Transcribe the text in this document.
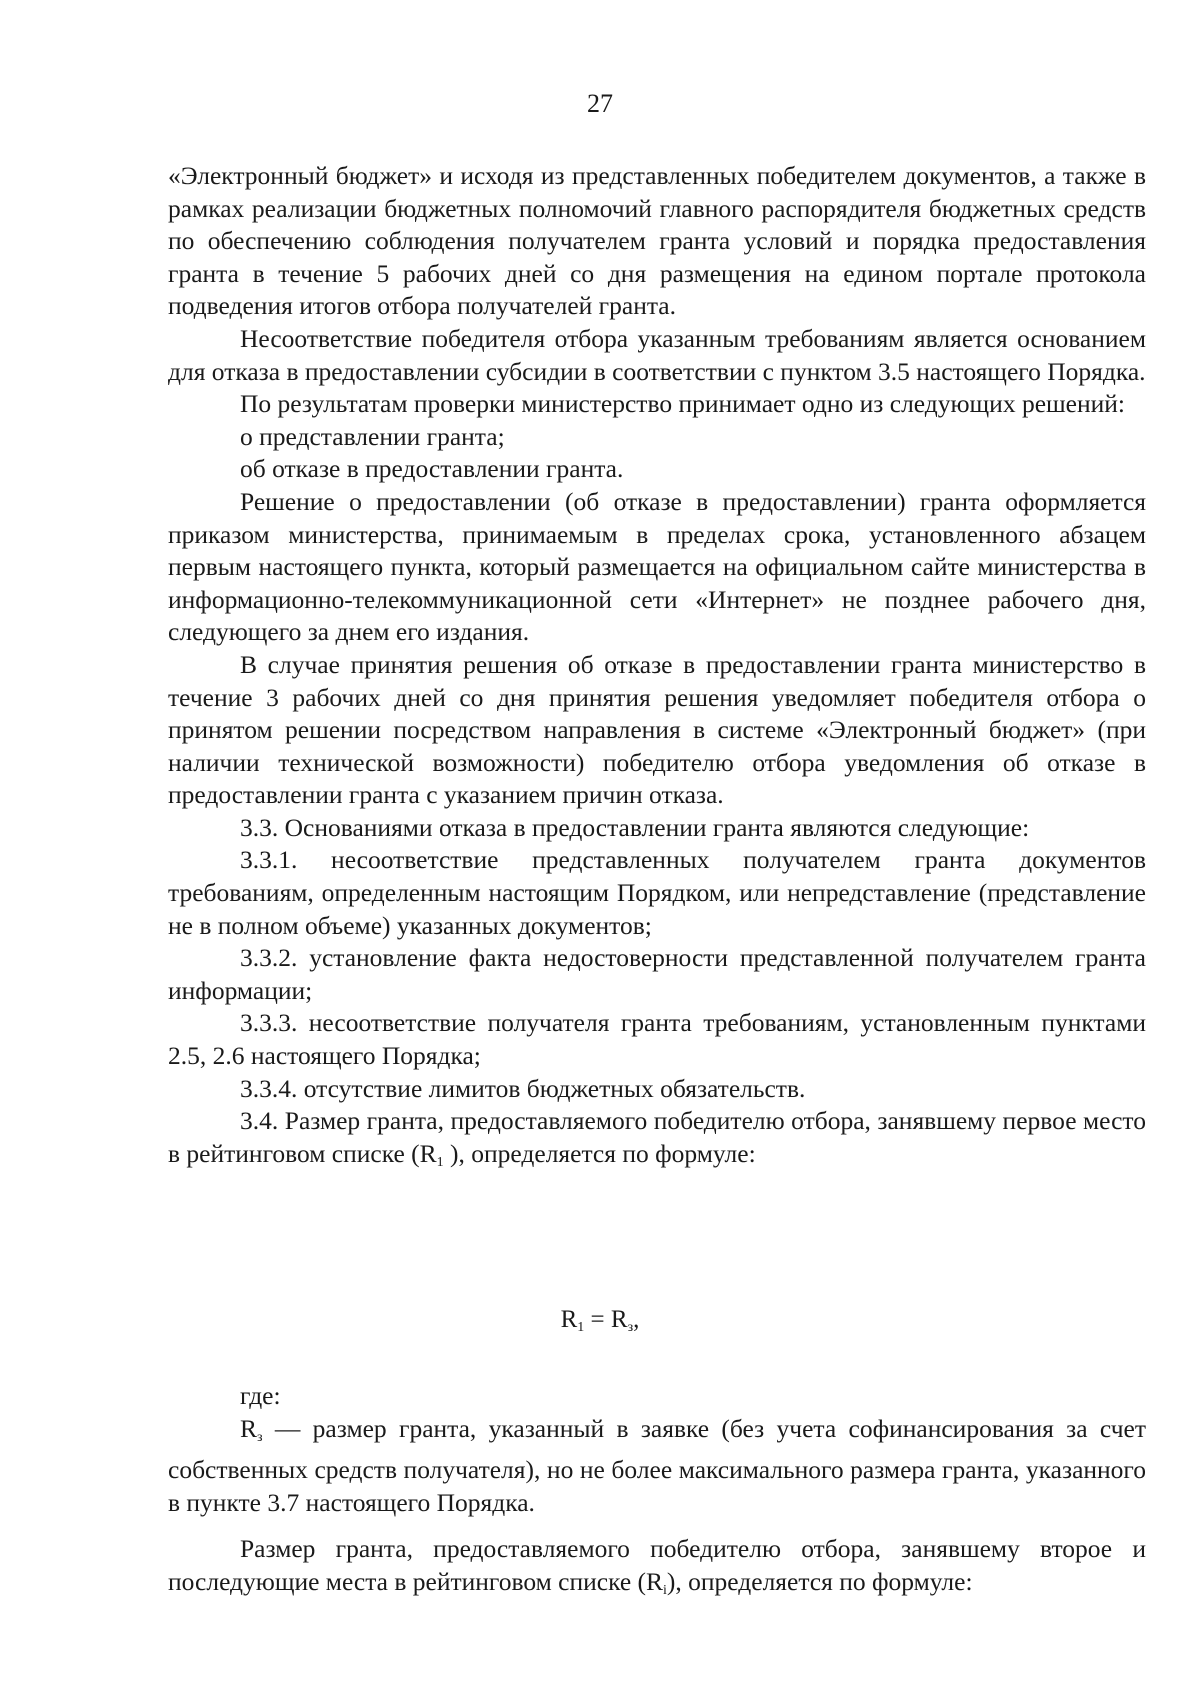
27

«Электронный бюджет» и исходя из представленных победителем документов, а также в рамках реализации бюджетных полномочий главного распорядителя бюджетных средств по обеспечению соблюдения получателем гранта условий и порядка предоставления гранта в течение 5 рабочих дней со дня размещения на едином портале протокола подведения итогов отбора получателей гранта.

Несоответствие победителя отбора указанным требованиям является основанием для отказа в предоставлении субсидии в соответствии с пунктом 3.5 настоящего Порядка.

По результатам проверки министерство принимает одно из следующих решений:

о представлении гранта;

об отказе в предоставлении гранта.

Решение о предоставлении (об отказе в предоставлении) гранта оформляется приказом министерства, принимаемым в пределах срока, установленного абзацем первым настоящего пункта, который размещается на официальном сайте министерства в информационно-телекоммуникационной сети «Интернет» не позднее рабочего дня, следующего за днем его издания.

В случае принятия решения об отказе в предоставлении гранта министерство в течение 3 рабочих дней со дня принятия решения уведомляет победителя отбора о принятом решении посредством направления в системе «Электронный бюджет» (при наличии технической возможности) победителю отбора уведомления об отказе в предоставлении гранта с указанием причин отказа.

3.3. Основаниями отказа в предоставлении гранта являются следующие:

3.3.1. несоответствие представленных получателем гранта документов требованиям, определенным настоящим Порядком, или непредставление (представление не в полном объеме) указанных документов;

3.3.2. установление факта недостоверности представленной получателем гранта информации;

3.3.3. несоответствие получателя гранта требованиям, установленным пунктами 2.5, 2.6 настоящего Порядка;

3.3.4. отсутствие лимитов бюджетных обязательств.

3.4. Размер гранта, предоставляемого победителю отбора, занявшему первое место в рейтинговом списке ($R_1$ ), определяется по формуле:

$R_1 = R_з$,

где:

$R_з$ — размер гранта, указанный в заявке (без учета софинансирования за счет собственных средств получателя), но не более максимального размера гранта, указанного в пункте 3.7 настоящего Порядка.

Размер гранта, предоставляемого победителю отбора, занявшему второе и последующие места в рейтинговом списке $(R_i)$, определяется по формуле:
